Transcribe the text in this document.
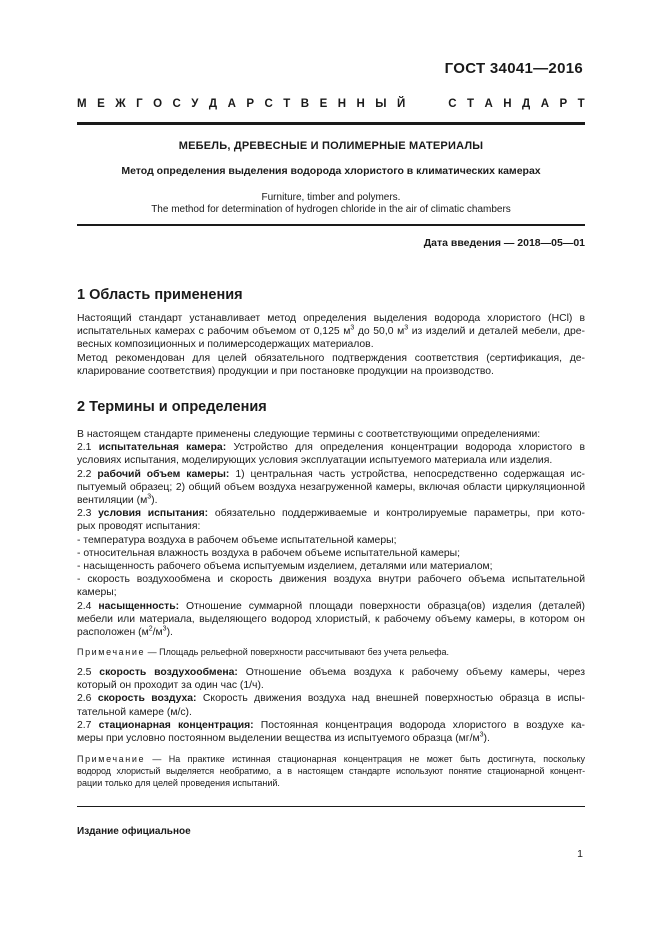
ГОСТ 34041—2016
М Е Ж Г О С У Д А Р С Т В Е Н Н Ы Й	С Т А Н Д А Р Т
МЕБЕЛЬ, ДРЕВЕСНЫЕ И ПОЛИМЕРНЫЕ МАТЕРИАЛЫ
Метод определения выделения водорода хлористого в климатических камерах
Furniture, timber and polymers.
The method for determination of hydrogen chloride in the air of climatic chambers
Дата введения — 2018—05—01
1 Область применения
Настоящий стандарт устанавливает метод определения выделения водорода хлористого (HCl) в
испытательных камерах с рабочим объемом от 0,125 $м^3$ до 50,0 $м^3$ из изделий и деталей мебели, дре-
весных композиционных и полимерсодержащих материалов.
Метод рекомендован для целей обязательного подтверждения соответствия (сертификация, де-
кларирование соответствия) продукции и при постановке продукции на производство.
2 Термины и определения
В настоящем стандарте применены следующие термины с соответствующими определениями:
2.1 испытательная камера: Устройство для определения концентрации водорода хлористого в
условиях испытания, моделирующих условия эксплуатации испытуемого материала или изделия.
2.2 рабочий объем камеры: 1) центральная часть устройства, непосредственно содержащая ис-
пытуемый образец; 2) общий объем воздуха незагруженной камеры, включая области циркуляционной
вентиляции $(м^3)$.
2.3 условия испытания: обязательно поддерживаемые и контролируемые параметры, при кото-
рых проводят испытания:
- температура воздуха в рабочем объеме испытательной камеры;
- относительная влажность воздуха в рабочем объеме испытательной камеры;
- насыщенность рабочего объема испытуемым изделием, деталями или материалом;
- скорость воздухообмена и скорость движения воздуха внутри рабочего объема испытательной
камеры;
2.4 насыщенность: Отношение суммарной площади поверхности образца(ов) изделия (деталей)
мебели или материала, выделяющего водород хлористый, к рабочему объему камеры, в котором он
расположен $(м^2/м^3)$.
Примечание — Площадь рельефной поверхности рассчитывают без учета рельефа.
2.5 скорость воздухообмена: Отношение объема воздуха к рабочему объему камеры, через
который он проходит за один час (1/ч).
2.6 скорость воздуха: Скорость движения воздуха над внешней поверхностью образца в испы-
тательной камере (м/с).
2.7 стационарная концентрация: Постоянная концентрация водорода хлористого в воздухе ка-
меры при условно постоянном выделении вещества из испытуемого образца $(мг/м^3)$.
Примечание — На практике истинная стационарная концентрация не может быть достигнута, поскольку
водород хлористый выделяется необратимо, а в настоящем стандарте используют понятие стационарной концент-
рации только для целей проведения испытаний.
Издание официальное
1
